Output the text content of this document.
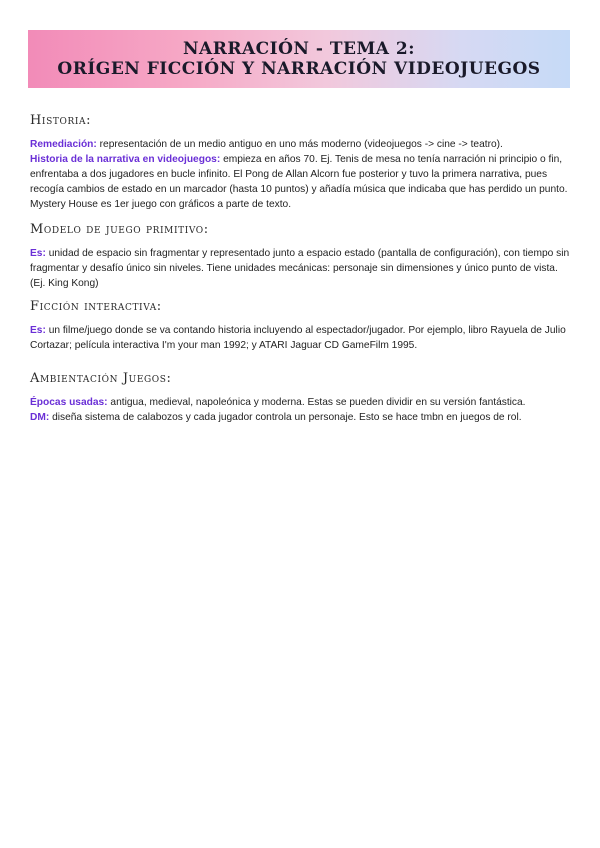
NARRACIÓN - TEMA 2:
ORÍGEN FICCIÓN Y NARRACIÓN VIDEOJUEGOS
Historia:

Remediación: representación de un medio antiguo en uno más moderno (videojuegos -> cine -> teatro).

Historia de la narrativa en videojuegos: empieza en años 70. Ej. Tenis de mesa no tenía narración ni principio o fin, enfrentaba a dos jugadores en bucle infinito. El Pong de Allan Alcorn fue posterior y tuvo la primera narrativa, pues recogía cambios de estado en un marcador (hasta 10 puntos) y añadía música que indicaba que has perdido un punto. Mystery House es 1er juego con gráficos a parte de texto.

Modelo de juego primitivo:

Es: unidad de espacio sin fragmentar y representado junto a espacio estado (pantalla de configuración), con tiempo sin fragmentar y desafío único sin niveles. Tiene unidades mecánicas: personaje sin dimensiones y único punto de vista. (Ej. King Kong)

Ficción interactiva:

Es: un filme/juego donde se va contando historia incluyendo al espectador/jugador. Por ejemplo, libro Rayuela de Julio Cortazar; película interactiva I'm your man 1992; y ATARI Jaguar CD GameFilm 1995.

Ambientación Juegos:

Épocas usadas: antigua, medieval, napoleónica y moderna. Estas se pueden dividir en su versión fantástica.

DM: diseña sistema de calabozos y cada jugador controla un personaje. Esto se hace tmbn en juegos de rol.
